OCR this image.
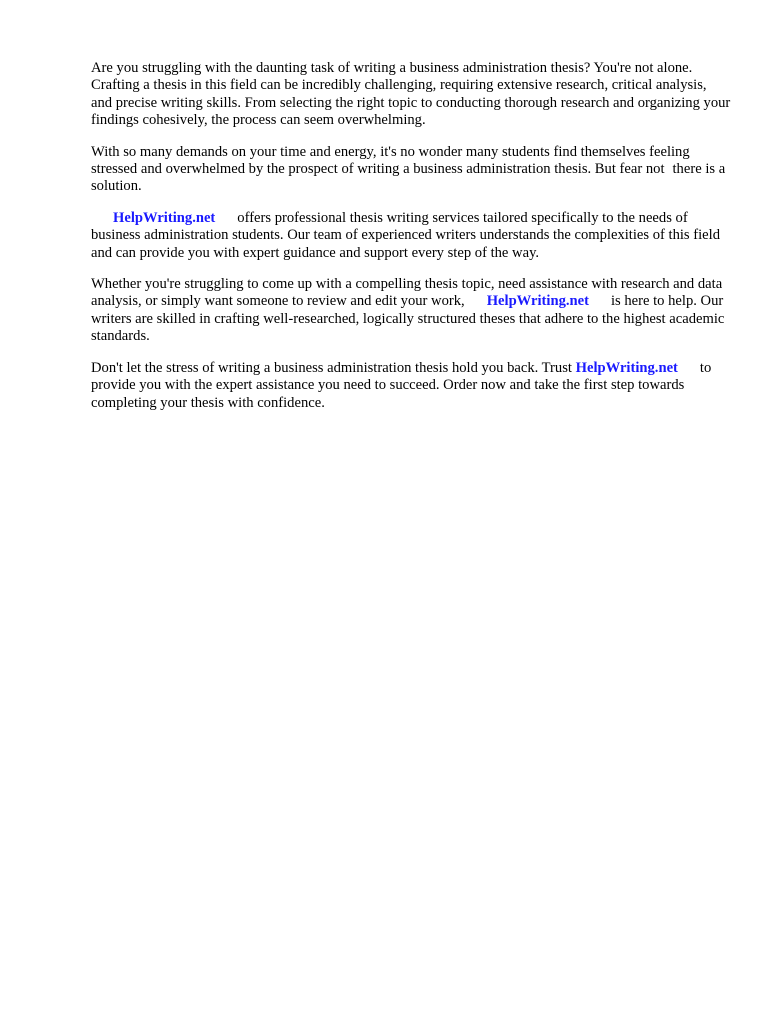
Are you struggling with the daunting task of writing a business administration thesis? You're not alone. Crafting a thesis in this field can be incredibly challenging, requiring extensive research, critical analysis, and precise writing skills. From selecting the right topic to conducting thorough research and organizing your findings cohesively, the process can seem overwhelming.

With so many demands on your time and energy, it's no wonder many students find themselves feeling stressed and overwhelmed by the prospect of writing a business administration thesis. But fear not there is a solution.

HelpWriting.net offers professional thesis writing services tailored specifically to the needs of business administration students. Our team of experienced writers understands the complexities of this field and can provide you with expert guidance and support every step of the way.

Whether you're struggling to come up with a compelling thesis topic, need assistance with research and data analysis, or simply want someone to review and edit your work, HelpWriting.net is here to help. Our writers are skilled in crafting well-researched, logically structured theses that adhere to the highest academic standards.

Don't let the stress of writing a business administration thesis hold you back. Trust HelpWriting.net to provide you with the expert assistance you need to succeed. Order now and take the first step towards completing your thesis with confidence.
